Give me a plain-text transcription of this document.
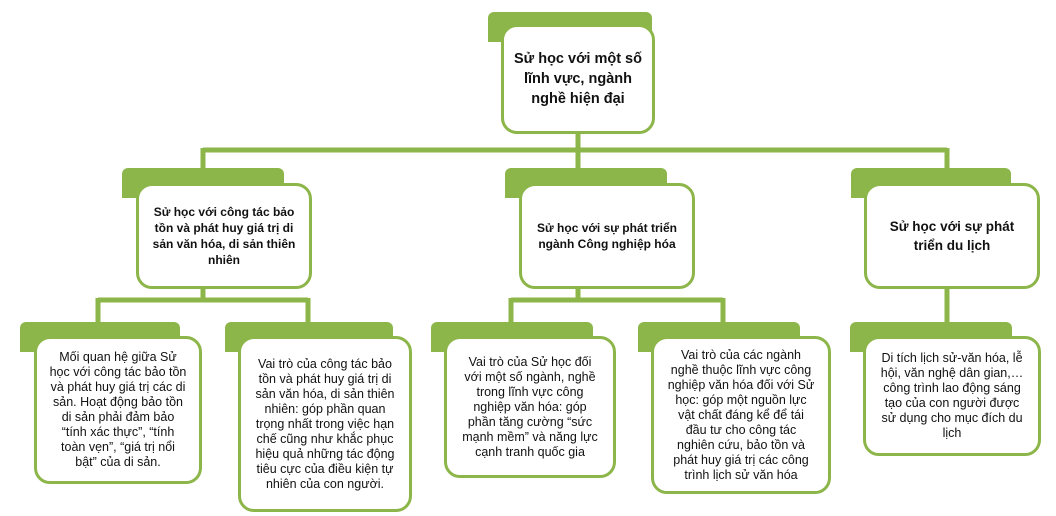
Sử học với một số lĩnh vực, ngành nghề hiện đại
Sử học với công tác bảo tồn và phát huy giá trị di sản văn hóa, di sản thiên nhiên
Sử học với sự phát triển ngành Công nghiệp hóa
Sử học với sự phát triển du lịch
Mối quan hệ giữa Sử học với công tác bảo tồn và phát huy giá trị các di sản. Hoạt động bảo tồn di sản phải đảm bảo “tính xác thực”, “tính toàn vẹn”, “giá trị nổi bật” của di sản.
Vai trò của công tác bảo tồn và phát huy giá trị di sản văn hóa, di sản thiên nhiên: góp phần quan trọng nhất trong việc hạn chế cũng như khắc phục hiệu quả những tác động tiêu cực của điều kiện tự nhiên của con người.
Vai trò của Sử học đối với một số ngành, nghề trong lĩnh vực công nghiệp văn hóa: góp phần tăng cường “sức mạnh mềm” và năng lực cạnh tranh quốc gia
Vai trò của các ngành nghề thuộc lĩnh vực công nghiệp văn hóa đối với Sử học: góp một nguồn lực vật chất đáng kể để tái đầu tư cho công tác nghiên cứu, bảo tồn và phát huy giá trị các công trình lịch sử văn hóa
Di tích lịch sử-văn hóa, lễ hội, văn nghệ dân gian,… công trình lao động sáng tạo của con người được sử dụng cho mục đích du lịch
